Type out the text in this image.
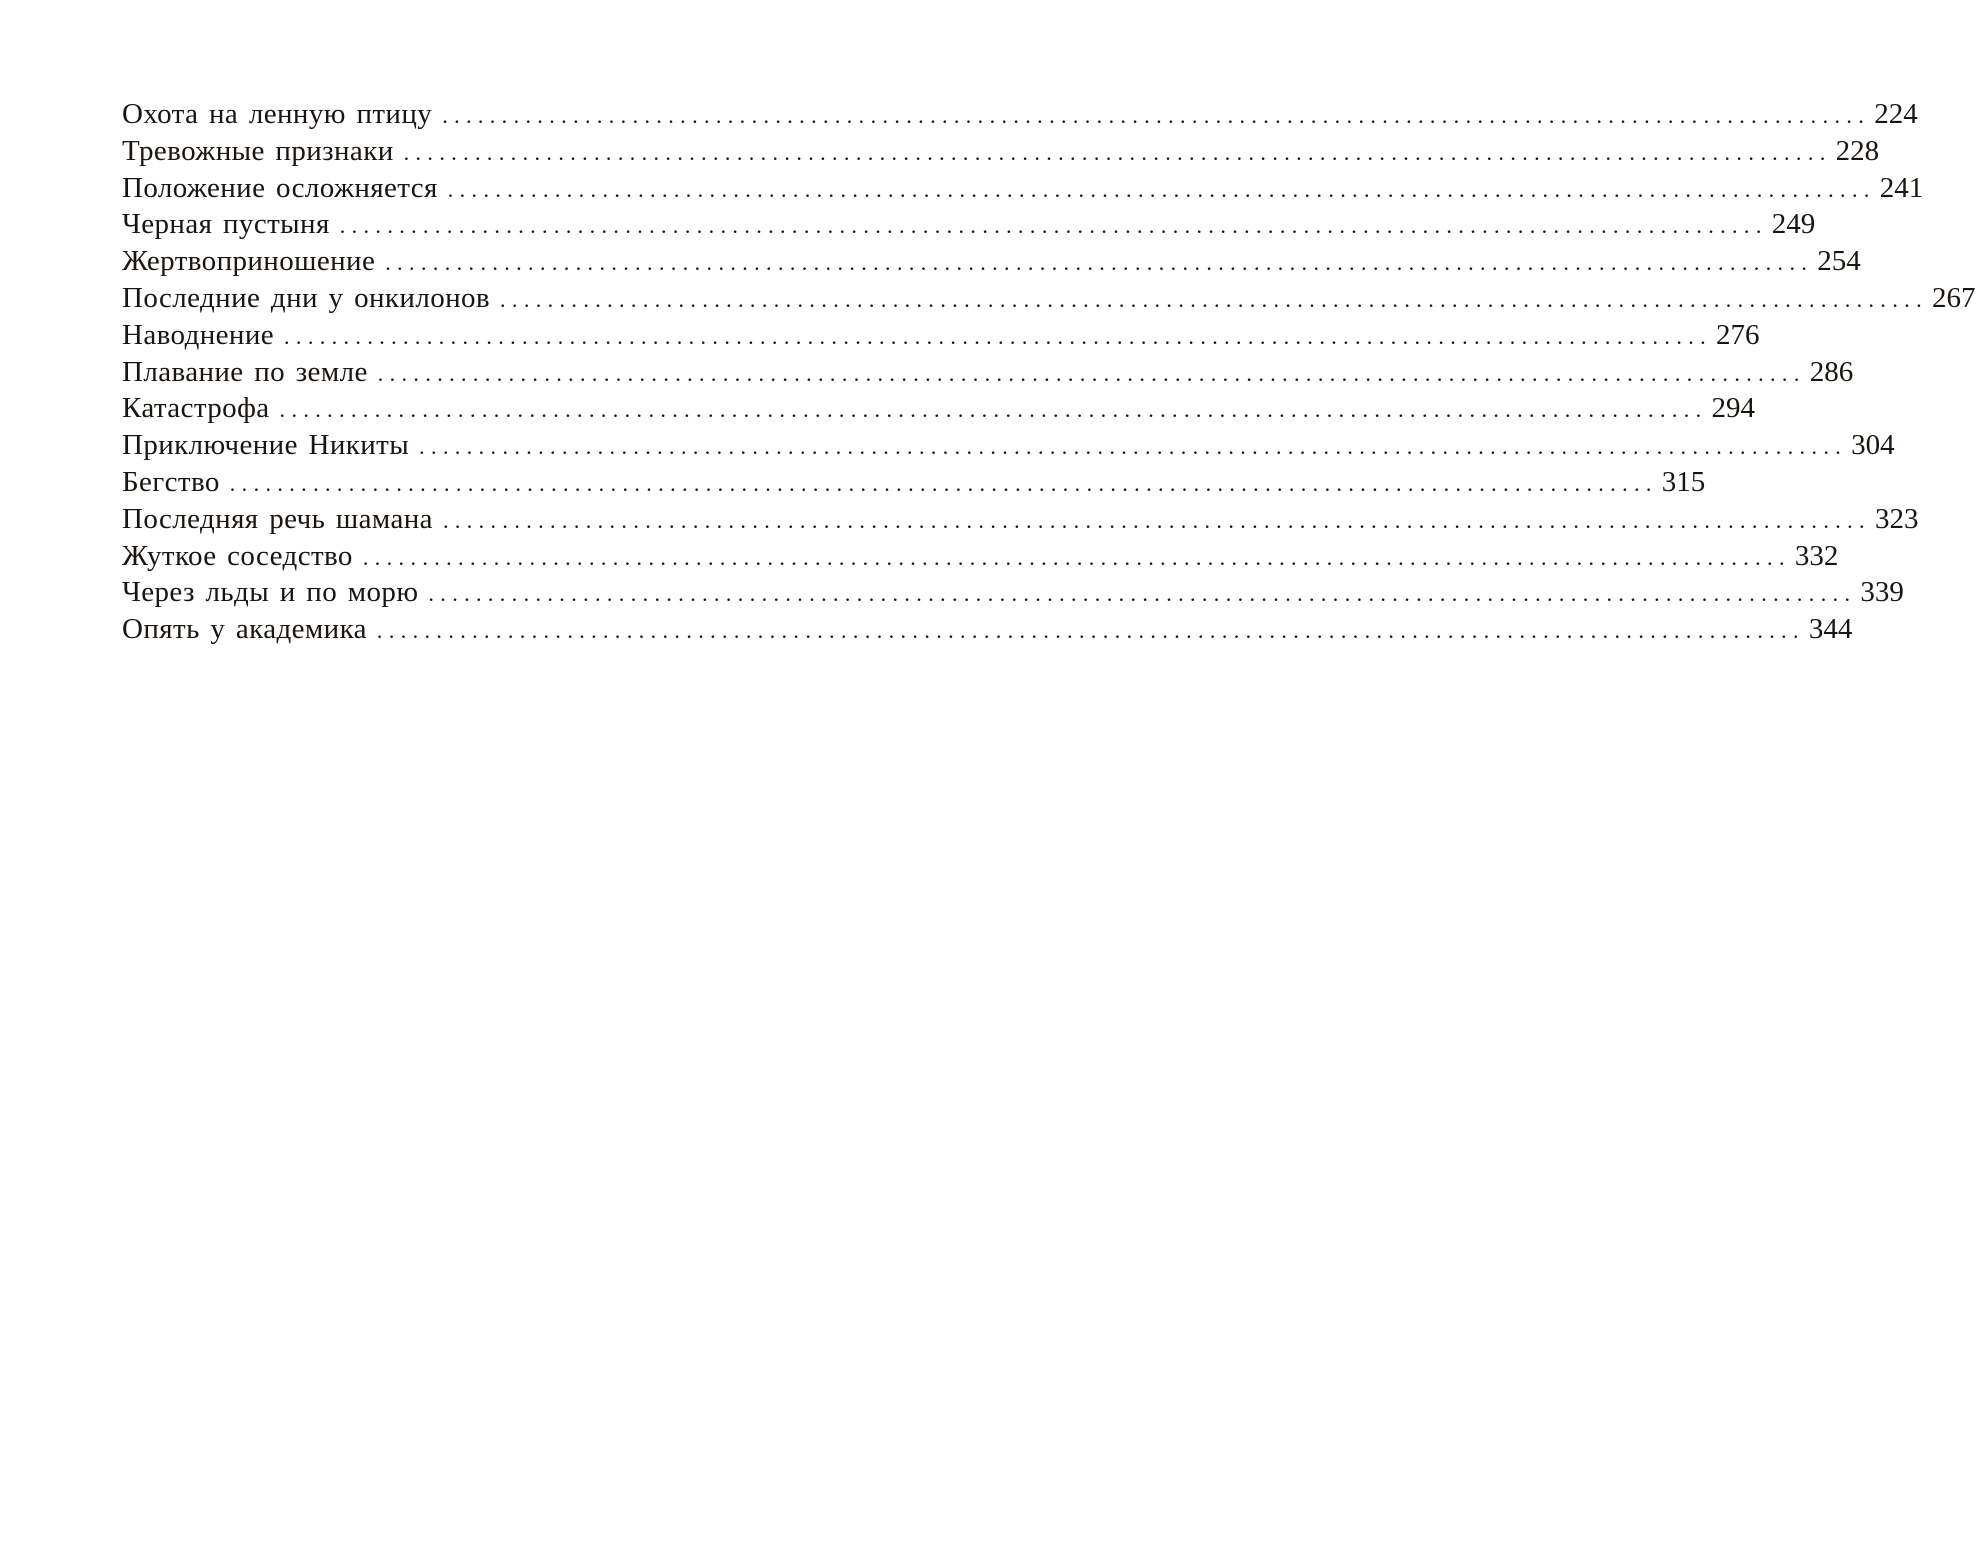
Охота на ленную птицу ........................................................................................................................ 224
Тревожные признаки ........................................................................................................................ 228
Положение осложняется ........................................................................................................................ 241
Черная пустыня ........................................................................................................................ 249
Жертвоприношение ........................................................................................................................ 254
Последние дни у онкилонов ........................................................................................................................ 267
Наводнение ........................................................................................................................ 276
Плавание по земле ........................................................................................................................ 286
Катастрофа ........................................................................................................................ 294
Приключение Никиты ........................................................................................................................ 304
Бегство ........................................................................................................................ 315
Последняя речь шамана ........................................................................................................................ 323
Жуткое соседство ........................................................................................................................ 332
Через льды и по морю ........................................................................................................................ 339
Опять у академика ........................................................................................................................ 344
